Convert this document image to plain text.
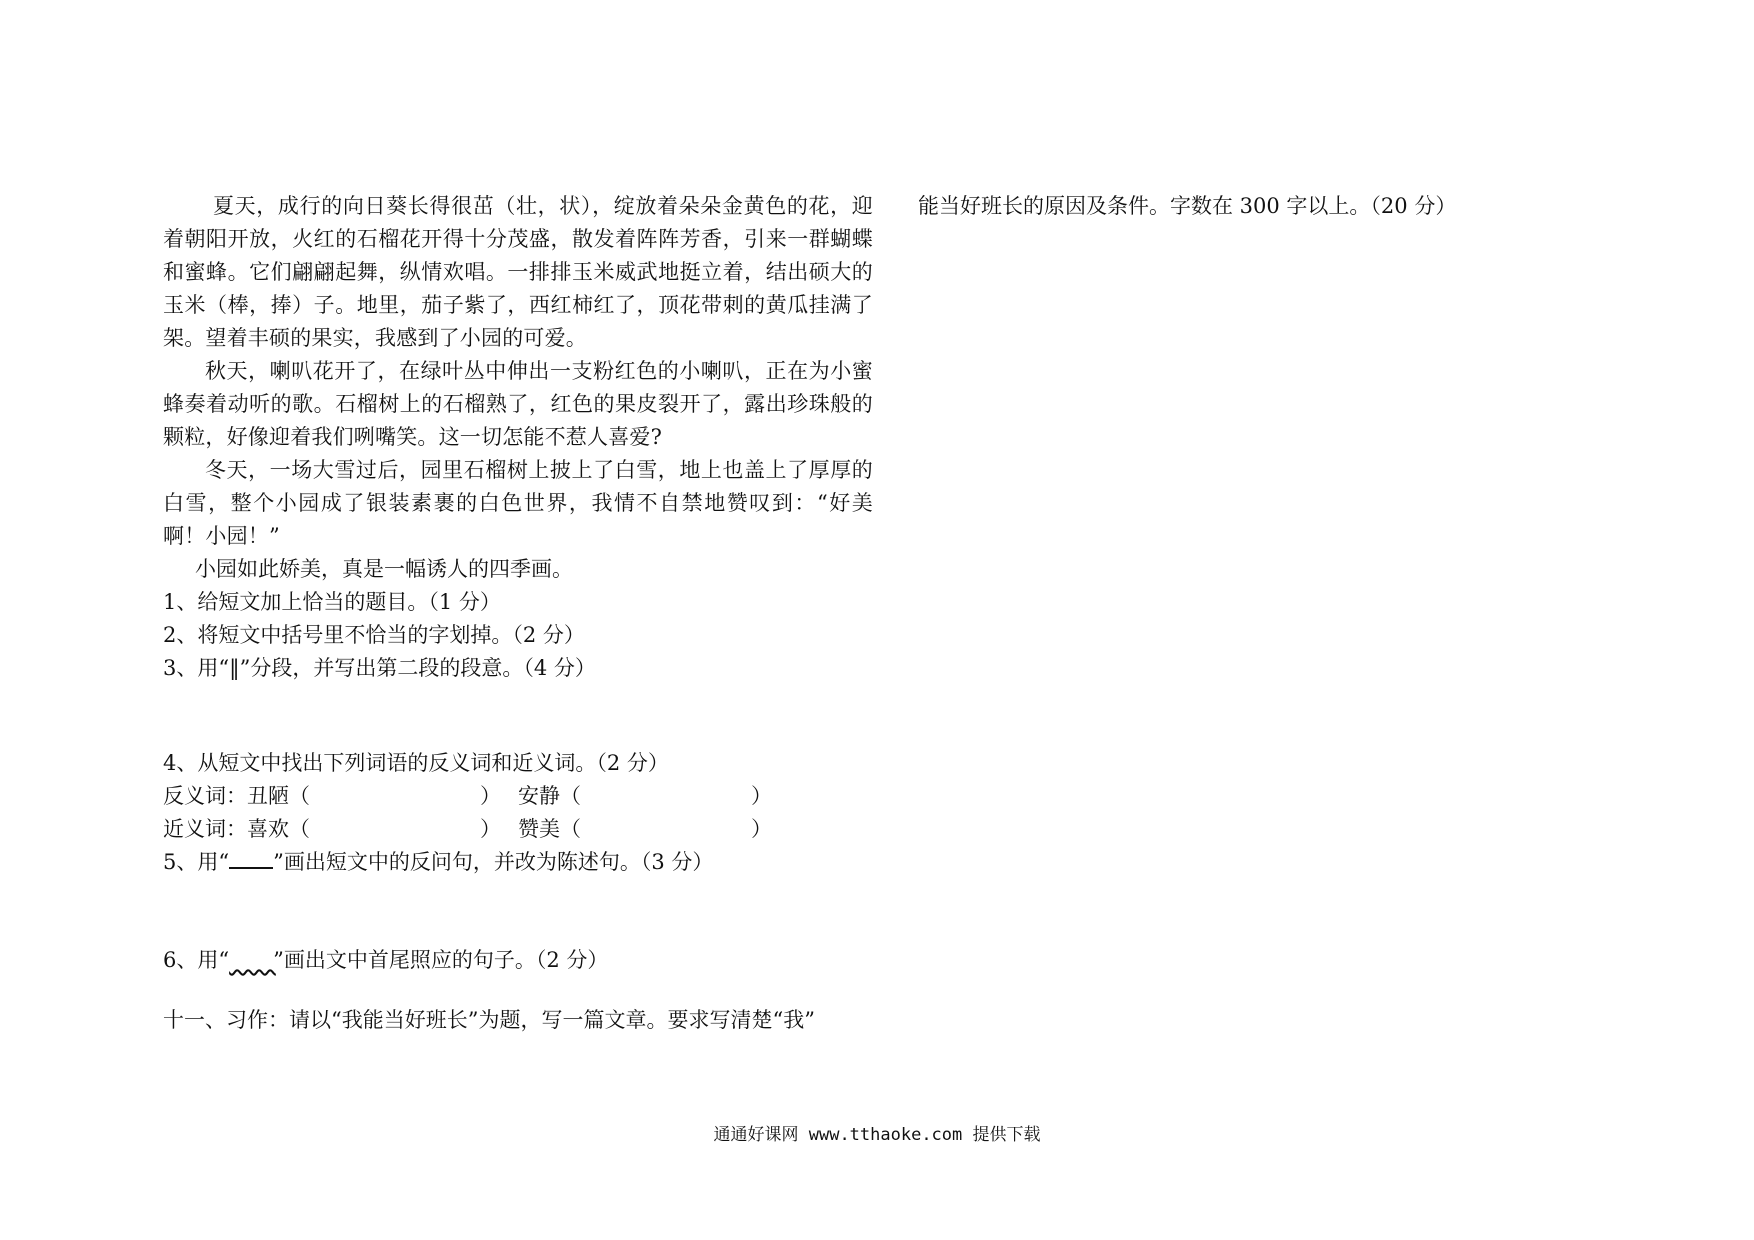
夏天，成行的向日葵长得很茁（壮，状），绽放着朵朵金黄色的花，迎着朝阳开放，火红的石榴花开得十分茂盛，散发着阵阵芳香，引来一群蝴蝶和蜜蜂。它们翩翩起舞，纵情欢唱。一排排玉米威武地挺立着，结出硕大的玉米（棒，捧）子。地里，茄子紫了，西红柿红了，顶花带刺的黄瓜挂满了架。望着丰硕的果实，我感到了小园的可爱。

秋天，喇叭花开了，在绿叶丛中伸出一支粉红色的小喇叭，正在为小蜜蜂奏着动听的歌。石榴树上的石榴熟了，红色的果皮裂开了，露出珍珠般的颗粒，好像迎着我们咧嘴笑。这一切怎能不惹人喜爱?

冬天，一场大雪过后，园里石榴树上披上了白雪，地上也盖上了厚厚的白雪，整个小园成了银装素裹的白色世界，我情不自禁地赞叹到：“好美啊！小园！”

小园如此娇美，真是一幅诱人的四季画。

1、给短文加上恰当的题目。（1 分）

2、将短文中括号里不恰当的字划掉。（2 分）

3、用“‖”分段，并写出第二段的段意。（4 分）

4、从短文中找出下列词语的反义词和近义词。（2 分）

反义词：丑陋（	） 安静（	）
近义词：喜欢（	） 赞美（	）

5、用“ ”画出短文中的反问句，并改为陈述句。（3 分）

6、用“ ”画出文中首尾照应的句子。（2 分）

十一、习作：请以“我能当好班长”为题，写一篇文章。要求写清楚“我”

能当好班长的原因及条件。字数在 300 字以上。（20 分）

通通好课网 www.tthaoke.com 提供下载
